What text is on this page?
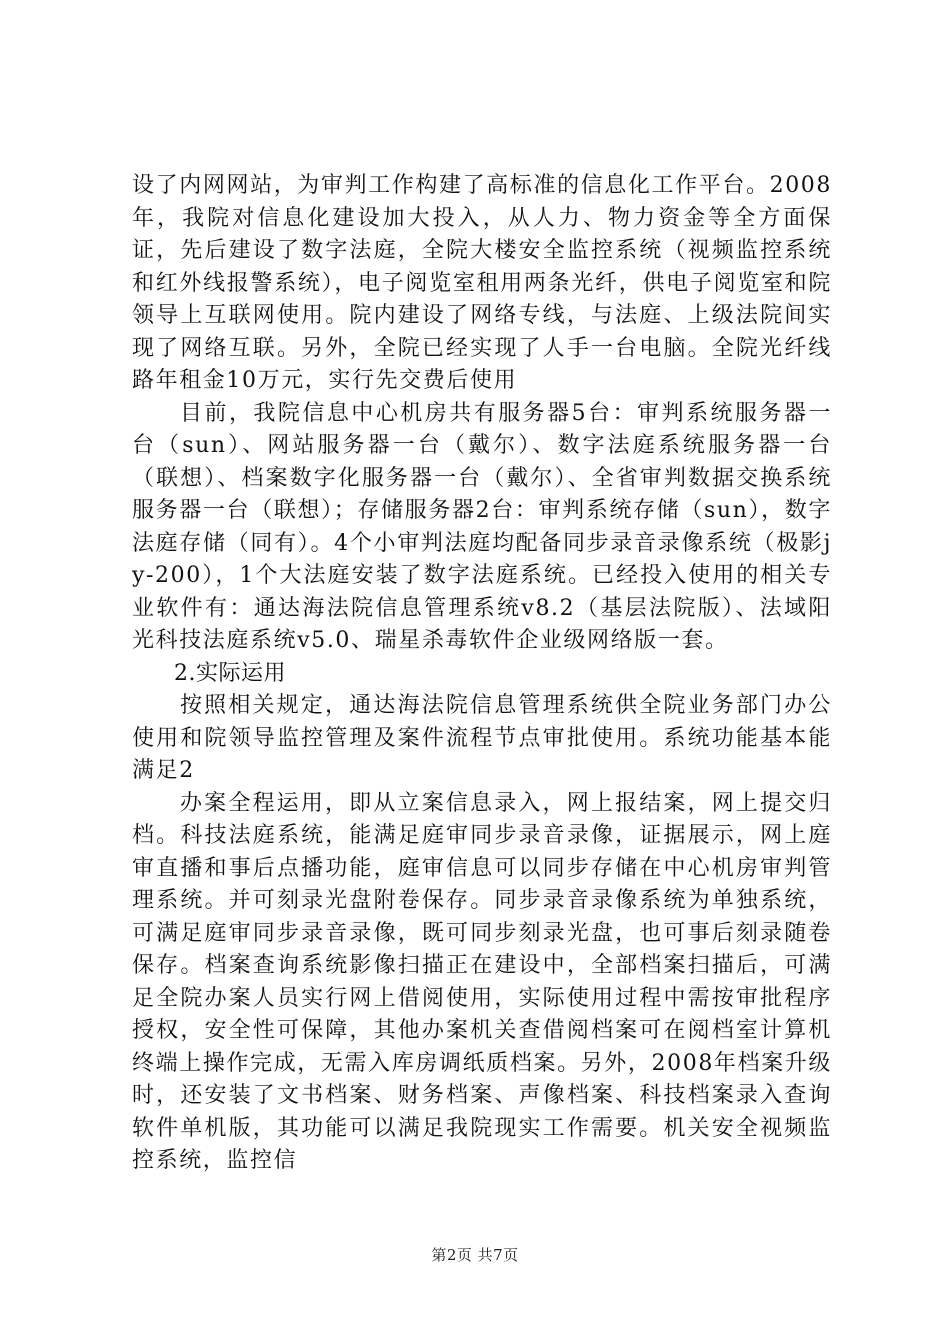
设了内网网站，为审判工作构建了高标准的信息化工作平台。2008年，我院对信息化建设加大投入，从人力、物力资金等全方面保证，先后建设了数字法庭，全院大楼安全监控系统（视频监控系统和红外线报警系统），电子阅览室租用两条光纤，供电子阅览室和院领导上互联网使用。院内建设了网络专线，与法庭、上级法院间实现了网络互联。另外，全院已经实现了人手一台电脑。全院光纤线路年租金10万元，实行先交费后使用

目前，我院信息中心机房共有服务器5台：审判系统服务器一台（sun）、网站服务器一台（戴尔）、数字法庭系统服务器一台（联想）、档案数字化服务器一台（戴尔）、全省审判数据交换系统服务器一台（联想）；存储服务器2台：审判系统存储（sun），数字法庭存储（同有）。4个小审判法庭均配备同步录音录像系统（极影jy-200），1个大法庭安装了数字法庭系统。已经投入使用的相关专业软件有：通达海法院信息管理系统v8.2（基层法院版）、法域阳光科技法庭系统v5.0、瑞星杀毒软件企业级网络版一套。

2.实际运用

按照相关规定，通达海法院信息管理系统供全院业务部门办公使用和院领导监控管理及案件流程节点审批使用。系统功能基本能满足2

办案全程运用，即从立案信息录入，网上报结案，网上提交归档。科技法庭系统，能满足庭审同步录音录像，证据展示，网上庭审直播和事后点播功能，庭审信息可以同步存储在中心机房审判管理系统。并可刻录光盘附卷保存。同步录音录像系统为单独系统，可满足庭审同步录音录像，既可同步刻录光盘，也可事后刻录随卷保存。档案查询系统影像扫描正在建设中，全部档案扫描后，可满足全院办案人员实行网上借阅使用，实际使用过程中需按审批程序授权，安全性可保障，其他办案机关查借阅档案可在阅档室计算机终端上操作完成，无需入库房调纸质档案。另外，2008年档案升级时，还安装了文书档案、财务档案、声像档案、科技档案录入查询软件单机版，其功能可以满足我院现实工作需要。机关安全视频监控系统，监控信

第2页 共7页
